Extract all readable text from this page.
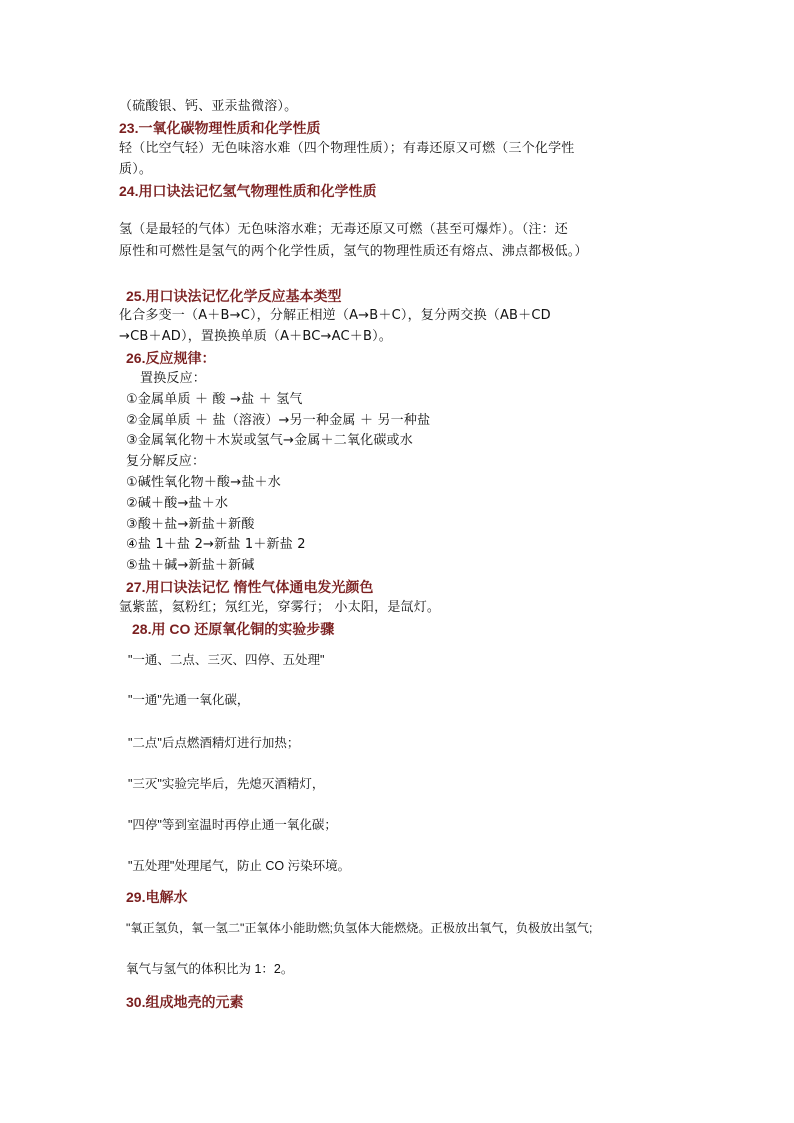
（硫酸银、钙、亚汞盐微溶）。
23.一氧化碳物理性质和化学性质
轻（比空气轻）无色味溶水难（四个物理性质）；有毒还原又可燃（三个化学性
质）。
24.用口诀法记忆氢气物理性质和化学性质
氢（是最轻的气体）无色味溶水难；无毒还原又可燃（甚至可爆炸）。（注：还
原性和可燃性是氢气的两个化学性质，氢气的物理性质还有熔点、沸点都极低。）
25.用口诀法记忆化学反应基本类型
化合多变一（A＋B→C），分解正相逆（A→B＋C），复分两交换（AB＋CD
→CB＋AD），置换换单质（A＋BC→AC＋B）。
26.反应规律：
置换反应：
①金属单质 ＋ 酸 →盐 ＋ 氢气
②金属单质 ＋ 盐（溶液）→另一种金属 ＋ 另一种盐
③金属氧化物＋木炭或氢气→金属＋二氧化碳或水
复分解反应：
①碱性氧化物＋酸→盐＋水
②碱＋酸→盐＋水
③酸＋盐→新盐＋新酸
④盐 1＋盐 2→新盐 1＋新盐 2
⑤盐＋碱→新盐＋新碱
27.用口诀法记忆 惰性气体通电发光颜色
氩紫蓝，氦粉红；氖红光，穿雾行； 小太阳，是氙灯。
28.用 CO 还原氧化铜的实验步骤
"一通、二点、三灭、四停、五处理"
"一通"先通一氧化碳，
"二点"后点燃酒精灯进行加热；
"三灭"实验完毕后，先熄灭酒精灯，
"四停"等到室温时再停止通一氧化碳；
"五处理"处理尾气，防止 CO 污染环境。
29.电解水
"氧正氢负，氧一氢二"正氧体小能助燃;负氢体大能燃烧。正极放出氧气，负极放出氢气;
氧气与氢气的体积比为 1：2。
30.组成地壳的元素
